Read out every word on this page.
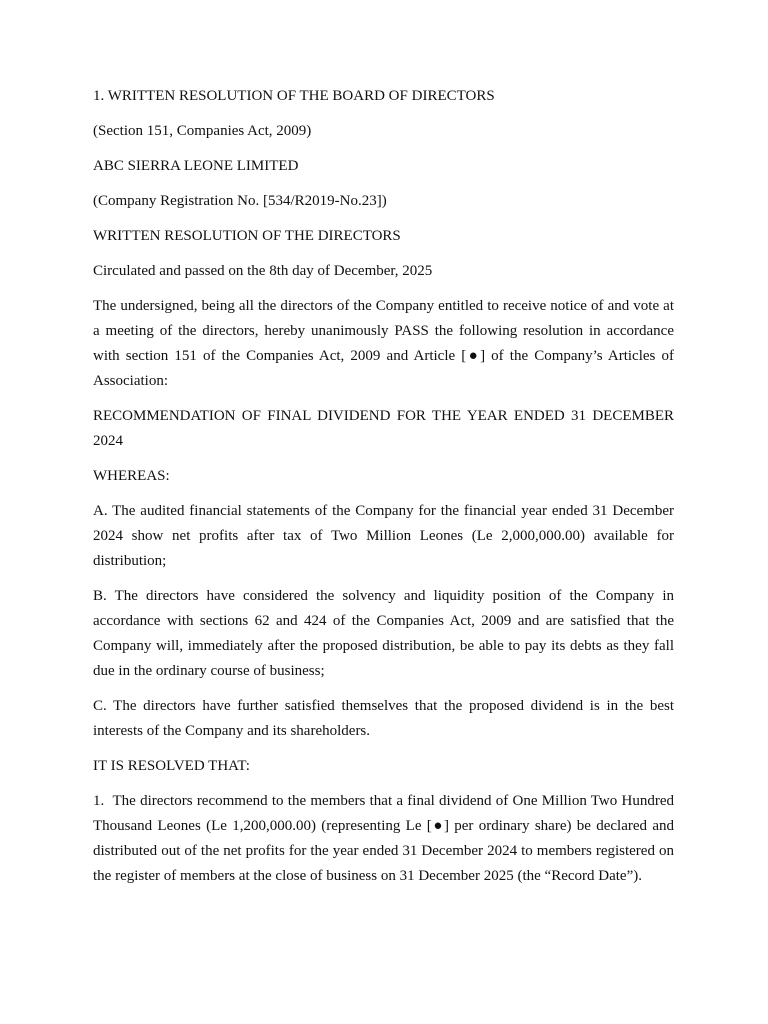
1. WRITTEN RESOLUTION OF THE BOARD OF DIRECTORS

(Section 151, Companies Act, 2009)

ABC SIERRA LEONE LIMITED

(Company Registration No. [534/R2019-No.23])

WRITTEN RESOLUTION OF THE DIRECTORS

Circulated and passed on the 8th day of December, 2025

The undersigned, being all the directors of the Company entitled to receive notice of and vote at a meeting of the directors, hereby unanimously PASS the following resolution in accordance with section 151 of the Companies Act, 2009 and Article [●] of the Company’s Articles of Association:

RECOMMENDATION OF FINAL DIVIDEND FOR THE YEAR ENDED 31 DECEMBER 2024

WHEREAS:

A. The audited financial statements of the Company for the financial year ended 31 December 2024 show net profits after tax of Two Million Leones (Le 2,000,000.00) available for distribution;

B. The directors have considered the solvency and liquidity position of the Company in accordance with sections 62 and 424 of the Companies Act, 2009 and are satisfied that the Company will, immediately after the proposed distribution, be able to pay its debts as they fall due in the ordinary course of business;

C. The directors have further satisfied themselves that the proposed dividend is in the best interests of the Company and its shareholders.

IT IS RESOLVED THAT:

1.  The directors recommend to the members that a final dividend of One Million Two Hundred Thousand Leones (Le 1,200,000.00) (representing Le [●] per ordinary share) be declared and distributed out of the net profits for the year ended 31 December 2024 to members registered on the register of members at the close of business on 31 December 2025 (the “Record Date”).
